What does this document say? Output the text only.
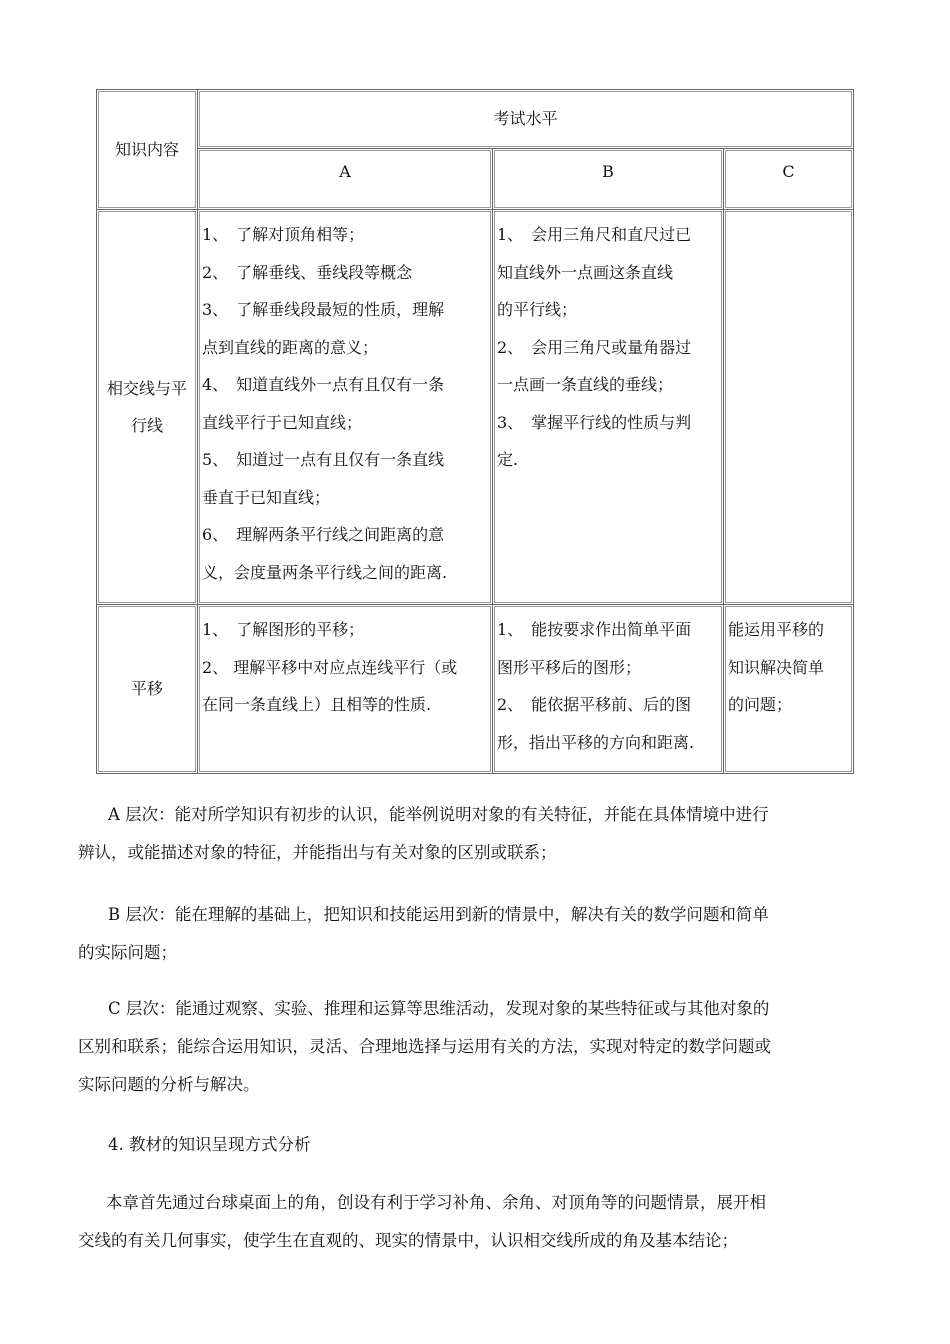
知识内容
考试水平
A	B	C
相交线与平
行线
1、　了解对顶角相等；
2、　了解垂线、垂线段等概念
3、　了解垂线段最短的性质，理解
点到直线的距离的意义；
4、　知道直线外一点有且仅有一条
直线平行于已知直线；
5、　知道过一点有且仅有一条直线
垂直于已知直线；
6、　理解两条平行线之间距离的意
义，会度量两条平行线之间的距离.
1、　会用三角尺和直尺过已
知直线外一点画这条直线
的平行线；
2、　会用三角尺或量角器过
一点画一条直线的垂线；
3、　掌握平行线的性质与判
定.
平移
1、　了解图形的平移；
2、 理解平移中对应点连线平行（或
在同一条直线上）且相等的性质.
1、　能按要求作出简单平面
图形平移后的图形；
2、　能依据平移前、后的图
形，指出平移的方向和距离.
能运用平移的
知识解决简单
的问题；
A 层次：能对所学知识有初步的认识，能举例说明对象的有关特征，并能在具体情境中进行
辨认，或能描述对象的特征，并能指出与有关对象的区别或联系；
B 层次：能在理解的基础上，把知识和技能运用到新的情景中，解决有关的数学问题和简单
的实际问题；
C 层次：能通过观察、实验、推理和运算等思维活动，发现对象的某些特征或与其他对象的
区别和联系；能综合运用知识，灵活、合理地选择与运用有关的方法，实现对特定的数学问题或
实际问题的分析与解决。
4. 教材的知识呈现方式分析
本章首先通过台球桌面上的角，创设有利于学习补角、余角、对顶角等的问题情景，展开相
交线的有关几何事实，使学生在直观的、现实的情景中，认识相交线所成的角及基本结论；
